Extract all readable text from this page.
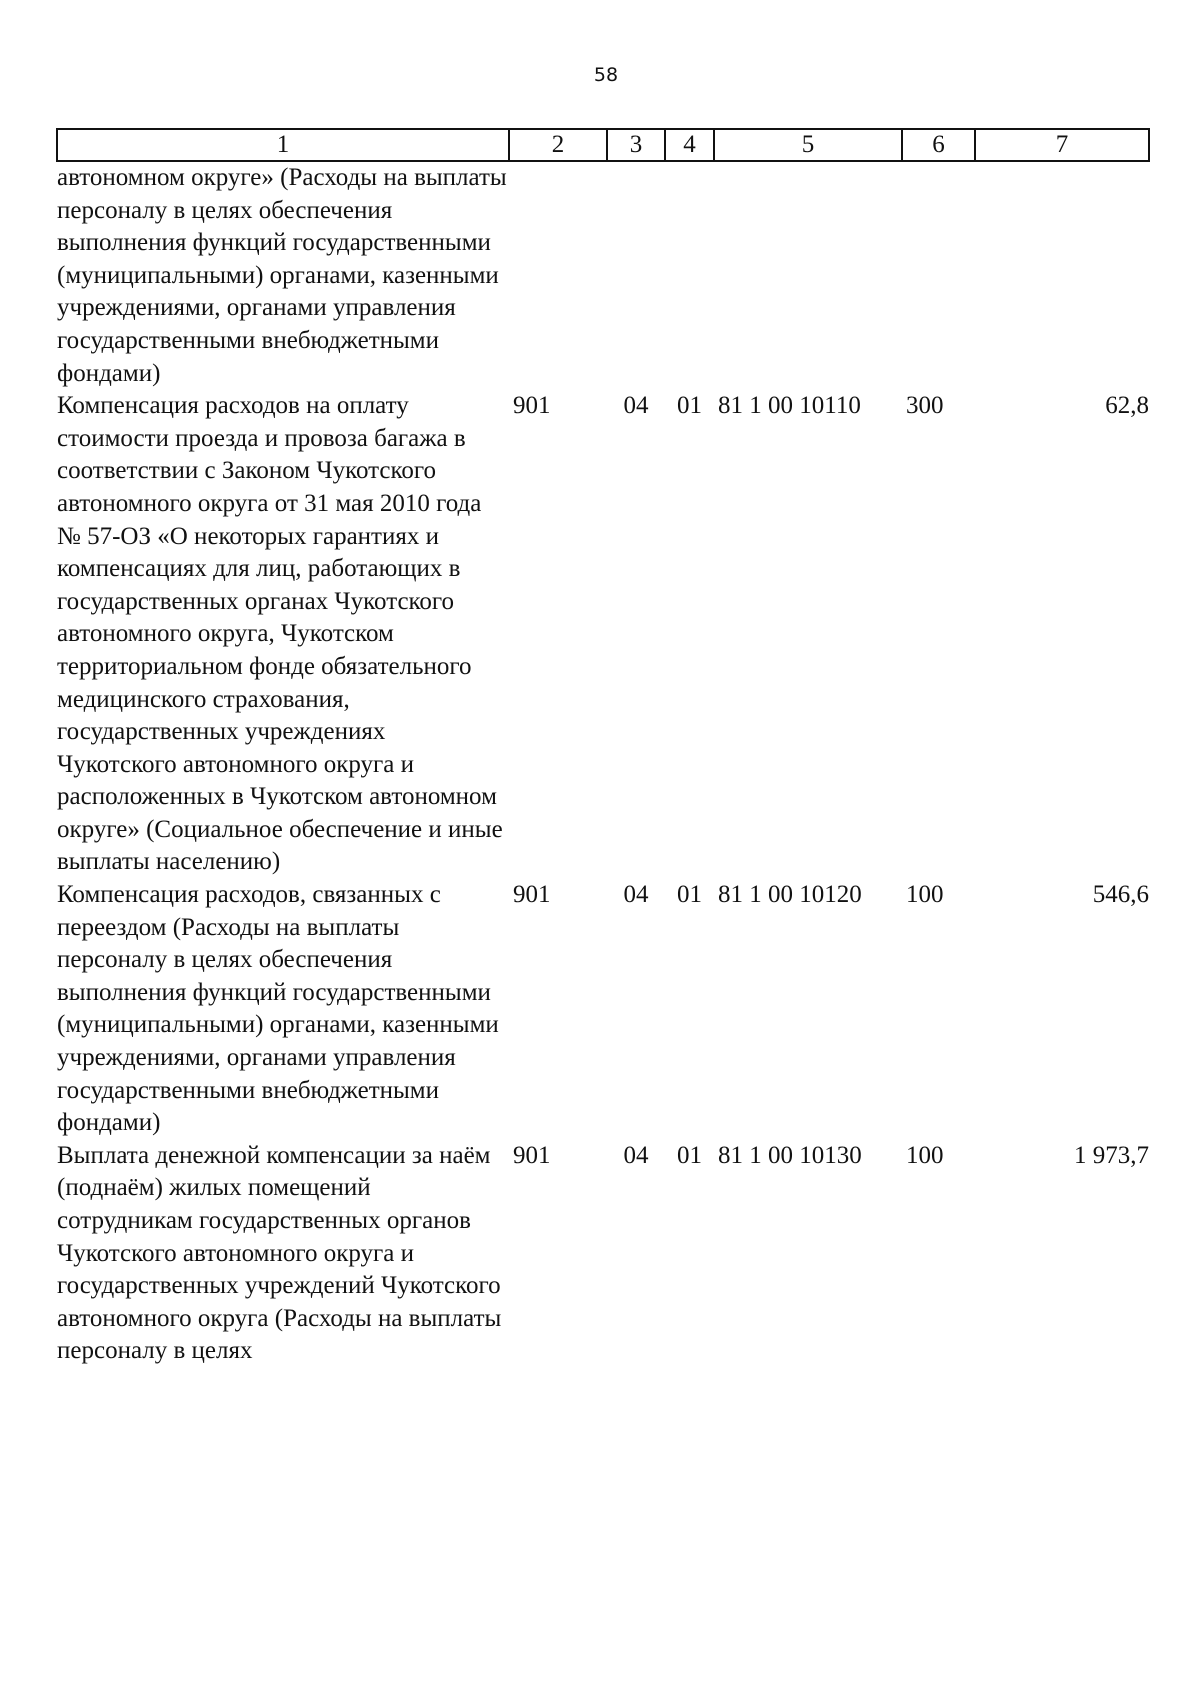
58
1	2	3	4	5	6	7
автономном округе» (Расходы на выплаты персоналу в целях обеспечения выполнения функций государственными (муниципальными) органами, казенными учреждениями, органами управления государственными внебюджетными фондами)						
Компенсация расходов на оплату стоимости проезда и провоза багажа в соответствии с Законом Чукотского автономного округа от 31 мая 2010 года № 57-ОЗ «О некоторых гарантиях и компенсациях для лиц, работающих в государственных органах Чукотского автономного округа, Чукотском территориальном фонде обязательного медицинского страхования, государственных учреждениях Чукотского автономного округа и расположенных в Чукотском автономном округе» (Социальное обеспечение и иные выплаты населению)	901	04	01	81 1 00 10110	300	62,8
Компенсация расходов, связанных с переездом (Расходы на выплаты персоналу в целях обеспечения выполнения функций государственными (муниципальными) органами, казенными учреждениями, органами управления государственными внебюджетными фондами)	901	04	01	81 1 00 10120	100	546,6
Выплата денежной компенсации за наём (поднаём) жилых помещений сотрудникам государственных органов Чукотского автономного округа и государственных учреждений Чукотского автономного округа (Расходы на выплаты персоналу в целях	901	04	01	81 1 00 10130	100	1 973,7
